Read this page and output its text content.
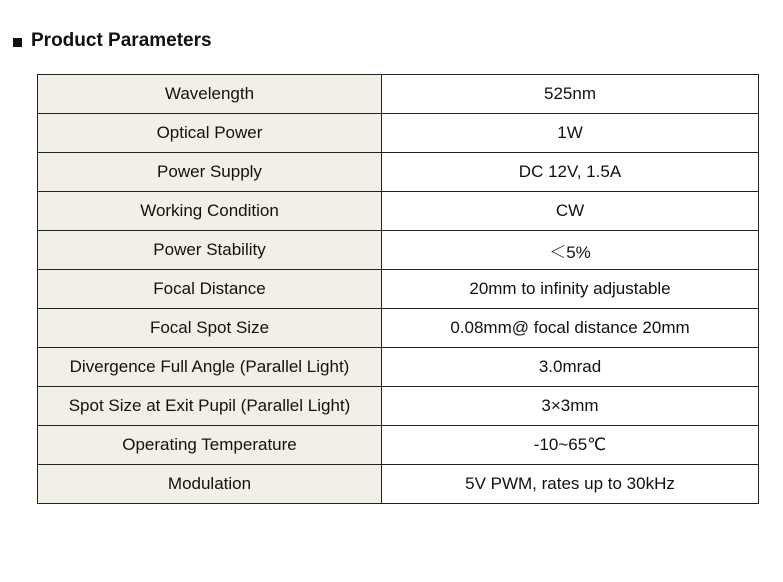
Product Parameters
Wavelength	525nm
Optical Power	1W
Power Supply	DC 12V, 1.5A
Working Condition	CW
Power Stability	＜5%
Focal Distance	20mm to infinity adjustable
Focal Spot Size	0.08mm@ focal distance 20mm
Divergence Full Angle (Parallel Light)	3.0mrad
Spot Size at Exit Pupil (Parallel Light)	3×3mm
Operating Temperature	-10~65℃
Modulation	5V PWM, rates up to 30kHz
